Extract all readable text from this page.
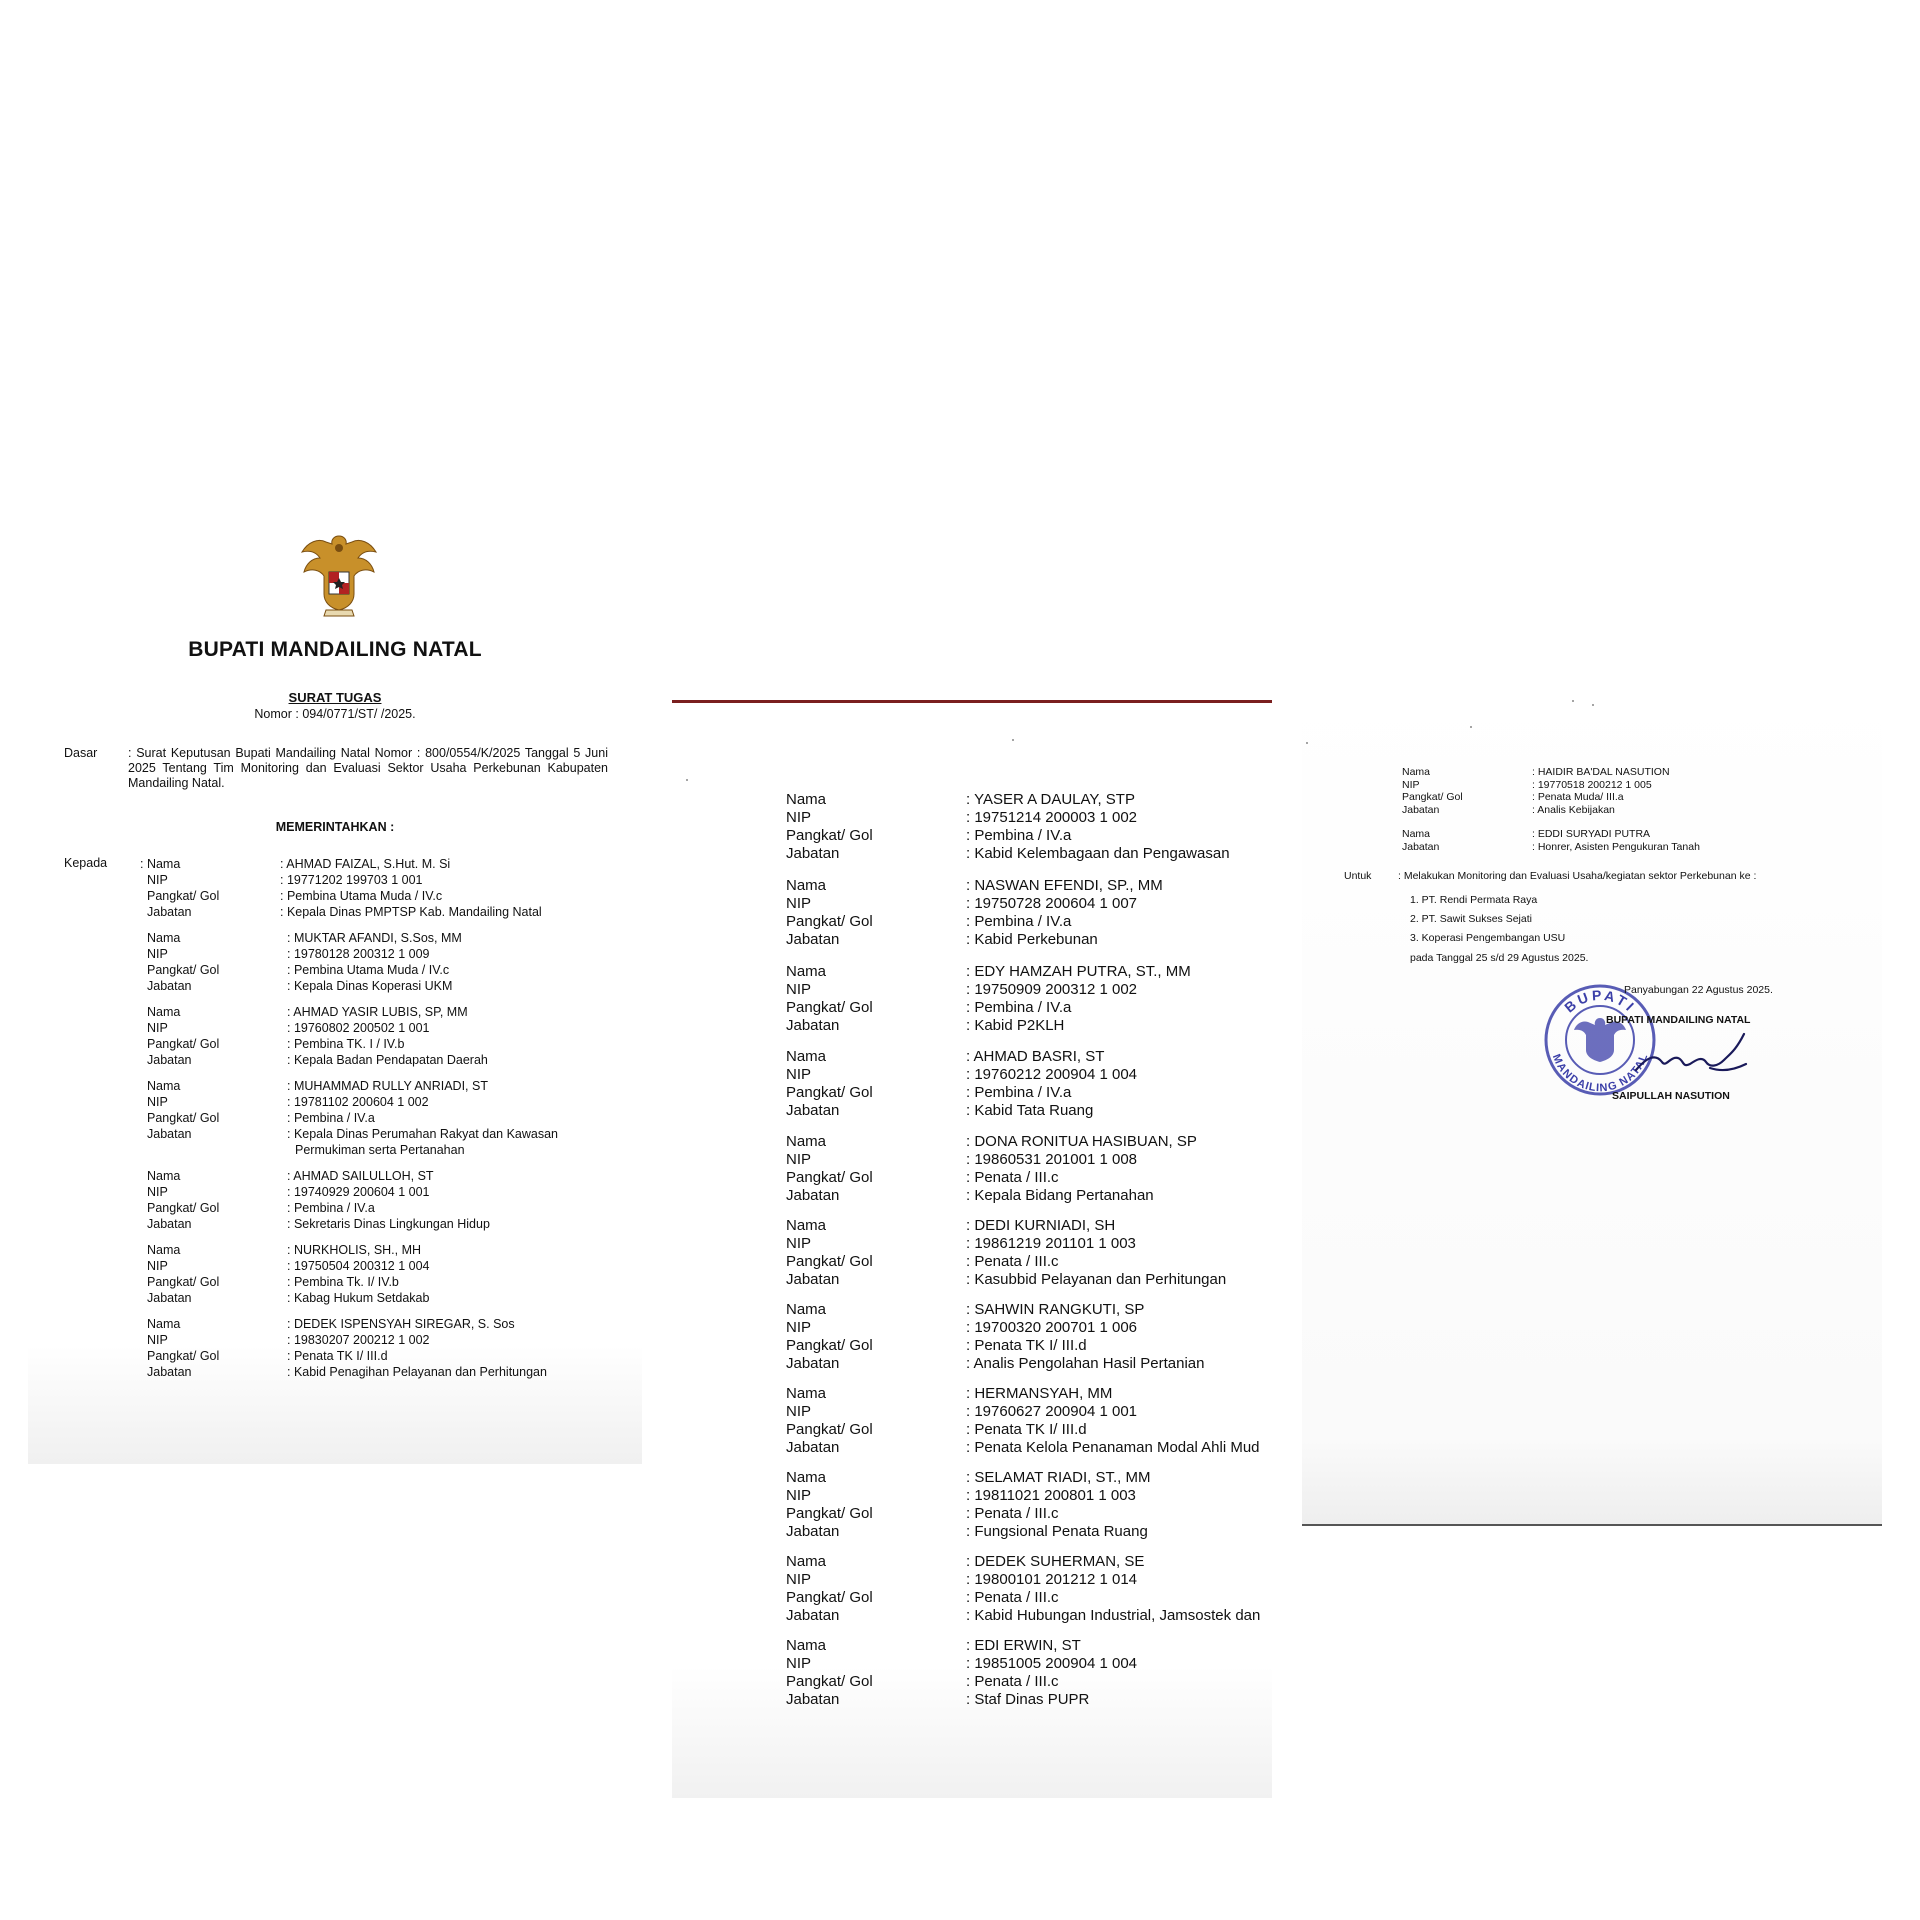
BUPATI MANDAILING NATAL
SURAT TUGAS
Nomor : 094/0771/ST/ /2025.
Dasar : Surat Keputusan Bupati Mandailing Natal Nomor : 800/0554/K/2025 Tanggal 5 Juni 2025 Tentang Tim Monitoring dan Evaluasi Sektor Usaha Perkebunan Kabupaten Mandailing Natal.
MEMERINTAHKAN :
Kepada	: Nama	: AHMAD FAIZAL, S.Hut. M. Si
NIP	: 19771202 199703 1 001
Pangkat/ Gol	: Pembina Utama Muda / IV.c
Jabatan	: Kepala Dinas PMPTSP Kab. Mandailing Natal
Nama	: MUKTAR AFANDI, S.Sos, MM
NIP	: 19780128 200312 1 009
Pangkat/ Gol	: Pembina Utama Muda / IV.c
Jabatan	: Kepala Dinas Koperasi UKM
Nama	: AHMAD YASIR LUBIS, SP, MM
NIP	: 19760802 200502 1 001
Pangkat/ Gol	: Pembina TK. I / IV.b
Jabatan	: Kepala Badan Pendapatan Daerah
Nama	: MUHAMMAD RULLY ANRIADI, ST
NIP	: 19781102 200604 1 002
Pangkat/ Gol	: Pembina / IV.a
Jabatan	: Kepala Dinas Perumahan Rakyat dan Kawasan
Permukiman serta Pertanahan
Nama	: AHMAD SAILULLOH, ST
NIP	: 19740929 200604 1 001
Pangkat/ Gol	: Pembina / IV.a
Jabatan	: Sekretaris Dinas Lingkungan Hidup
Nama	: NURKHOLIS, SH., MH
NIP	: 19750504 200312 1 004
Pangkat/ Gol	: Pembina Tk. I/ IV.b
Jabatan	: Kabag Hukum Setdakab
Nama	: DEDEK ISPENSYAH SIREGAR, S. Sos
NIP	: 19830207 200212 1 002
Pangkat/ Gol	: Penata TK I/ III.d
Jabatan	: Kabid Penagihan Pelayanan dan Perhitungan
Nama	: YASER A DAULAY, STP
NIP	: 19751214 200003 1 002
Pangkat/ Gol	: Pembina / IV.a
Jabatan	: Kabid Kelembagaan dan Pengawasan
Nama	: NASWAN EFENDI, SP., MM
NIP	: 19750728 200604 1 007
Pangkat/ Gol	: Pembina / IV.a
Jabatan	: Kabid Perkebunan
Nama	: EDY HAMZAH PUTRA, ST., MM
NIP	: 19750909 200312 1 002
Pangkat/ Gol	: Pembina / IV.a
Jabatan	: Kabid P2KLH
Nama	: AHMAD BASRI, ST
NIP	: 19760212 200904 1 004
Pangkat/ Gol	: Pembina / IV.a
Jabatan	: Kabid Tata Ruang
Nama	: DONA RONITUA HASIBUAN, SP
NIP	: 19860531 201001 1 008
Pangkat/ Gol	: Penata / III.c
Jabatan	: Kepala Bidang Pertanahan
Nama	: DEDI KURNIADI, SH
NIP	: 19861219 201101 1 003
Pangkat/ Gol	: Penata / III.c
Jabatan	: Kasubbid Pelayanan dan Perhitungan
Nama	: SAHWIN RANGKUTI, SP
NIP	: 19700320 200701 1 006
Pangkat/ Gol	: Penata TK I/ III.d
Jabatan	: Analis Pengolahan Hasil Pertanian
Nama	: HERMANSYAH, MM
NIP	: 19760627 200904 1 001
Pangkat/ Gol	: Penata TK I/ III.d
Jabatan	: Penata Kelola Penanaman Modal Ahli Mud
Nama	: SELAMAT RIADI, ST., MM
NIP	: 19811021 200801 1 003
Pangkat/ Gol	: Penata / III.c
Jabatan	: Fungsional Penata Ruang
Nama	: DEDEK SUHERMAN, SE
NIP	: 19800101 201212 1 014
Pangkat/ Gol	: Penata / III.c
Jabatan	: Kabid Hubungan Industrial, Jamsostek dan
Nama	: EDI ERWIN, ST
NIP	: 19851005 200904 1 004
Pangkat/ Gol	: Penata / III.c
Jabatan	: Staf Dinas PUPR
Nama	: HAIDIR BA'DAL NASUTION
NIP	: 19770518 200212 1 005
Pangkat/ Gol	: Penata Muda/ III.a
Jabatan	: Analis Kebijakan
Nama	: EDDI SURYADI PUTRA
Jabatan	: Honrer, Asisten Pengukuran Tanah
Untuk	: Melakukan Monitoring dan Evaluasi Usaha/kegiatan sektor Perkebunan ke :
1. PT. Rendi Permata Raya
2. PT. Sawit Sukses Sejati
3. Koperasi Pengembangan USU
pada Tanggal 25 s/d 29 Agustus 2025.
BUPATI
MANDAILING NATAL
Panyabungan 22 Agustus 2025.
BUPATI MANDAILING NATAL
SAIPULLAH NASUTION
